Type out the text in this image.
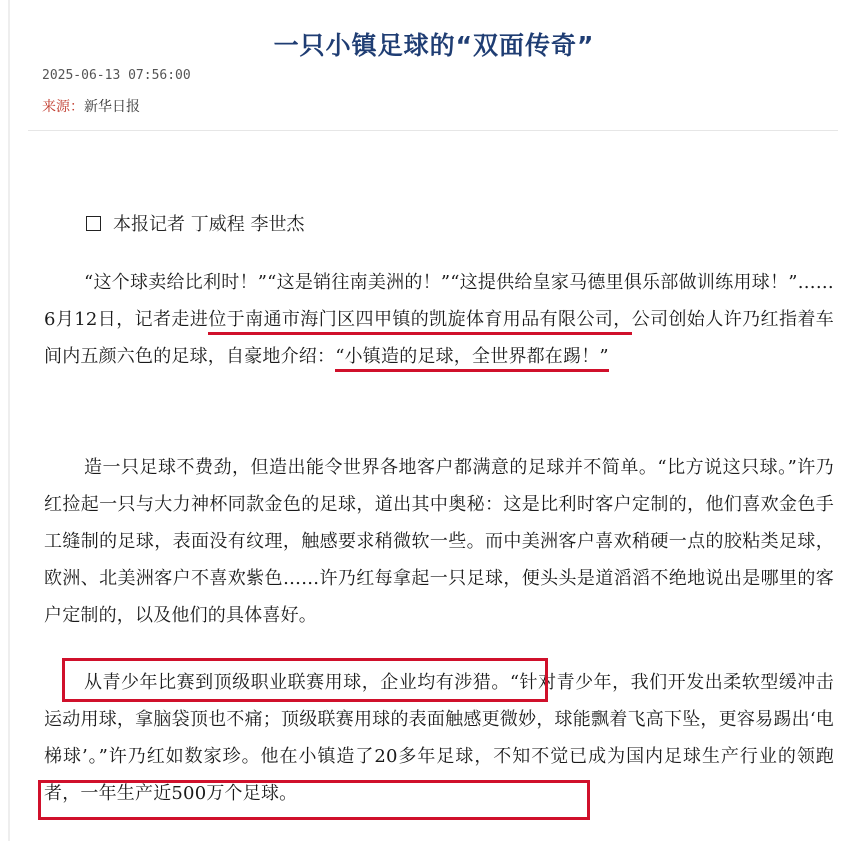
一只小镇足球的“双面传奇”
2025-06-13 07:56:00
来源：新华日报
本报记者 丁威程 李世杰

“这个球卖给比利时！”“这是销往南美洲的！”“这提供给皇家马德里俱乐部做训练用球！”……6月12日，记者走进位于南通市海门区四甲镇的凯旋体育用品有限公司，公司创始人许乃红指着车间内五颜六色的足球，自豪地介绍：“小镇造的足球，全世界都在踢！”

造一只足球不费劲，但造出能令世界各地客户都满意的足球并不简单。“比方说这只球。”许乃红捡起一只与大力神杯同款金色的足球，道出其中奥秘：这是比利时客户定制的，他们喜欢金色手工缝制的足球，表面没有纹理，触感要求稍微软一些。而中美洲客户喜欢稍硬一点的胶粘类足球，欧洲、北美洲客户不喜欢紫色……许乃红每拿起一只足球，便头头是道滔滔不绝地说出是哪里的客户定制的，以及他们的具体喜好。

从青少年比赛到顶级职业联赛用球，企业均有涉猎。“针对青少年，我们开发出柔软型缓冲击运动用球，拿脑袋顶也不痛；顶级联赛用球的表面触感更微妙，球能飘着飞高下坠，更容易踢出‘电梯球’。”许乃红如数家珍。他在小镇造了20多年足球，不知不觉已成为国内足球生产行业的领跑者，一年生产近500万个足球。
